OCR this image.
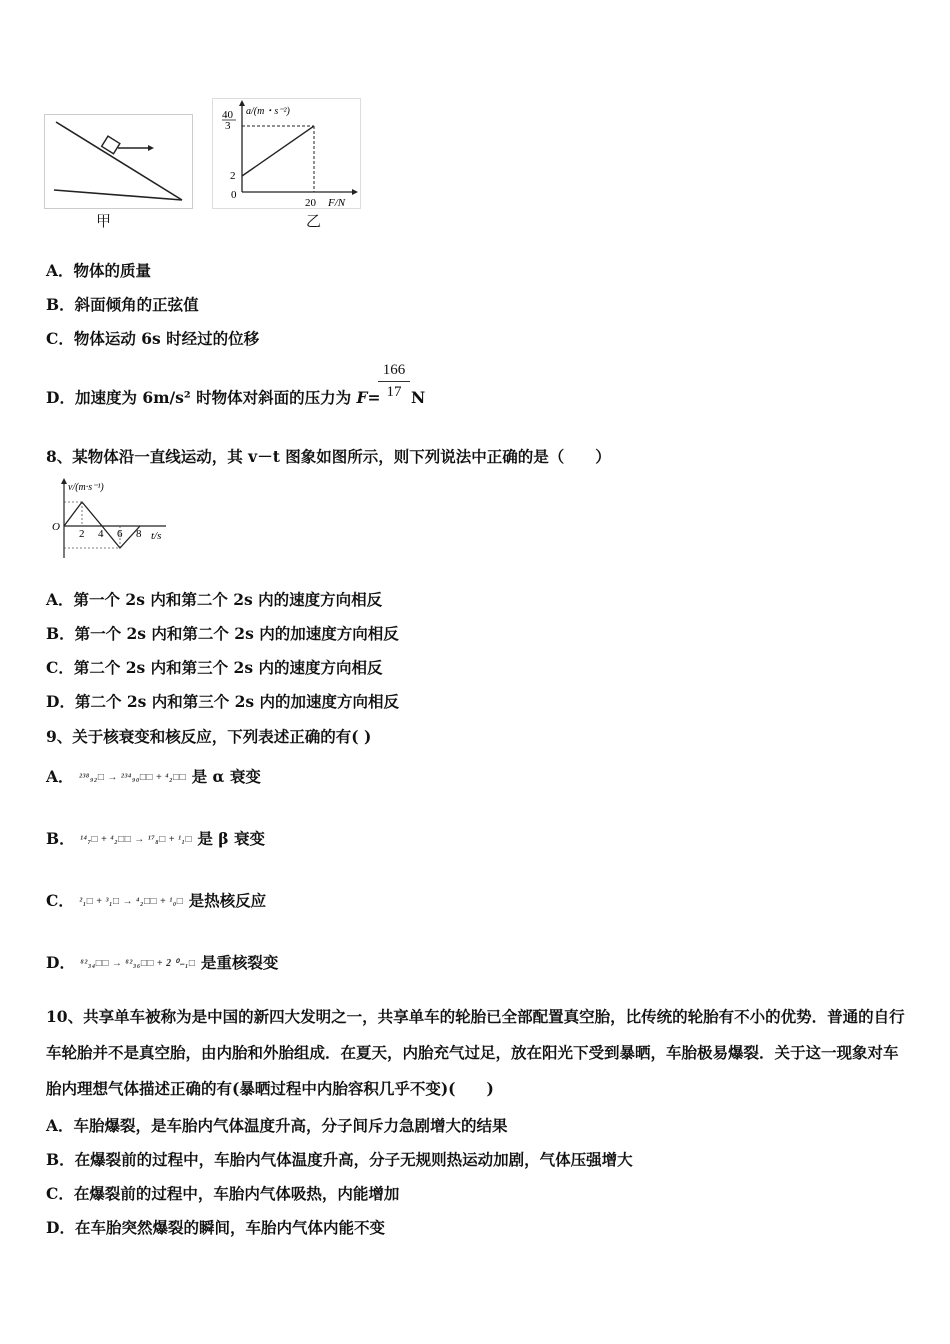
甲
a/(m・s⁻²)
40
3
2
0
20 F/N
乙
A．物体的质量
B．斜面倾角的正弦值
C．物体运动 6s 时经过的位移
D．加速度为 6m/s² 时物体对斜面的压力为 F=
166
17 N
8、某物体沿一直线运动，其 v－t 图象如图所示，则下列说法中正确的是（　　）
v/(m·s⁻¹)
O
2 4 6 8 t/s
A．第一个 2s 内和第二个 2s 内的速度方向相反
B．第一个 2s 内和第二个 2s 内的加速度方向相反
C．第二个 2s 内和第三个 2s 内的速度方向相反
D．第二个 2s 内和第三个 2s 内的加速度方向相反
9、关于核衰变和核反应，下列表述正确的有( )
A． ²³⁸₉₂□ → ²³⁴₉₀□□ + ⁴₂□□ 是 α 衰变
B． ¹⁴₇□ + ⁴₂□□ → ¹⁷₈□ + ¹₁□ 是 β 衰变
C． ²₁□ + ³₁□ → ⁴₂□□ + ¹₀□ 是热核反应
D． ⁸²₃₄□□ → ⁸²₃₆□□ + 2 ⁰₋₁□ 是重核裂变
10、共享单车被称为是中国的新四大发明之一，共享单车的轮胎已全部配置真空胎，比传统的轮胎有不小的优势．普通的自行车轮胎并不是真空胎，由内胎和外胎组成．在夏天，内胎充气过足，放在阳光下受到暴晒，车胎极易爆裂．关于这一现象对车胎内理想气体描述正确的有(暴晒过程中内胎容积几乎不变)(　　)
A．车胎爆裂，是车胎内气体温度升高，分子间斥力急剧增大的结果
B．在爆裂前的过程中，车胎内气体温度升高，分子无规则热运动加剧，气体压强增大
C．在爆裂前的过程中，车胎内气体吸热，内能增加
D．在车胎突然爆裂的瞬间，车胎内气体内能不变
